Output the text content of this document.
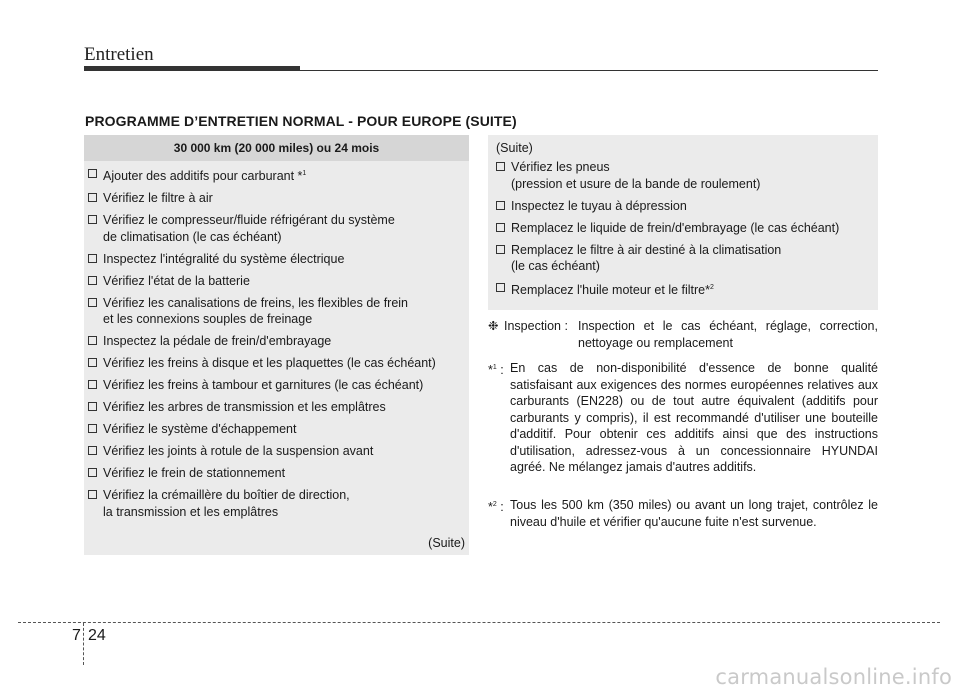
Entretien
PROGRAMME D’ENTRETIEN NORMAL - POUR EUROPE (SUITE)
30 000 km (20 000 miles) ou 24 mois
Ajouter des additifs pour carburant *$^1$
Vérifiez le filtre à air
Vérifiez le compresseur/fluide réfrigérant du système
de climatisation (le cas échéant)
Inspectez l'intégralité du système électrique
Vérifiez l'état de la batterie
Vérifiez les canalisations de freins, les flexibles de frein
et les connexions souples de freinage
Inspectez la pédale de frein/d'embrayage
Vérifiez les freins à disque et les plaquettes (le cas échéant)
Vérifiez les freins à tambour et garnitures (le cas échéant)
Vérifiez les arbres de transmission et les emplâtres
Vérifiez le système d'échappement
Vérifiez les joints à rotule de la suspension avant
Vérifiez le frein de stationnement
Vérifiez la crémaillère du boîtier de direction,
la transmission et les emplâtres
(Suite)
(Suite)
Vérifiez les pneus
(pression et usure de la bande de roulement)
Inspectez le tuyau à dépression
Remplacez le liquide de frein/d'embrayage (le cas échéant)
Remplacez le filtre à air destiné à la climatisation
(le cas échéant)
Remplacez l'huile moteur et le filtre*$^2$
❉ Inspection : Inspection et le cas échéant, réglage, correction, nettoyage ou remplacement
*$^1$ : En cas de non-disponibilité d'essence de bonne qualité satisfaisant aux exigences des normes européennes relatives aux carburants (EN228) ou de tout autre équivalent (additifs pour carburants y compris), il est recommandé d'utiliser une bouteille d'additif. Pour obtenir ces additifs ainsi que des instructions d'utilisation, adressez-vous à un concessionnaire HYUNDAI agréé. Ne mélangez jamais d'autres additifs.
*$^2$ : Tous les 500 km (350 miles) ou avant un long trajet, contrôlez le niveau d'huile et vérifier qu'aucune fuite n'est survenue.
7 24
carmanualsonline.info
